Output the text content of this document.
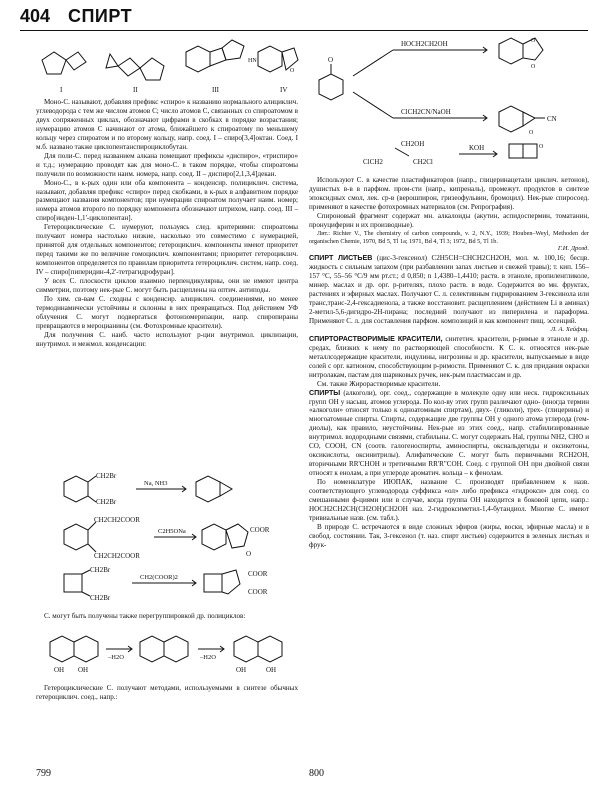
404 СПИРТ
I	II	III
HN
O
IV

Моно-С. называют, добавляя префикс «спиро» к названию нормального алициклич. углеводорода с тем же числом атомов С; число атомов С, связанных со спироатомом в двух сопряженных циклах, обозначают цифрами в скобках в порядке возрастания; нумерацию атомов С начинают от атома, ближайшего к спироатому по меньшему кольцу через спироатом и по второму кольцу, напр. соед. I – спиро[3,4]октан. Соед. I м.б. названо также циклопентанспироциклобутан.

Для поли-С. перед названием алкана помещают префиксы «диспиро», «триспиро» и т.д.; нумерацию проводят как для моно-С. в таком порядке, чтобы спироатомы получили по возможности наим. номера, напр. соед. II – диспиро[2,1,3,4]декан.

Моно-С., в к-рых один или оба компонента – конденсир. полициклич. система, называют, добавляя префикс «спиро» перед скобками, в к-рых в алфавитном порядке размещают названия компонентов; при нумерации спироатом получает наим. номер; номера атомов второго по порядку компонента обозначают штрихом, напр. соед. III – спиро[инден-1,1'-циклопентан].

Гетероциклические С. нумеруют, пользуясь след. критериями: спироатомы получают номера настолько низкие, насколько это совместимо с нумерацией, принятой для отдельных компонентов; гетероциклич. компоненты имеют приоритет перед такими же по величине гомоциклич. компонентами; приоритет гетероциклич. компонентов определяется по правилам приоритета гетероциклич. систем, напр. соед. IV – спиро[пиперидин-4,2'-тетрагидрофуран].

У всех С. плоскости циклов взаимно перпендикулярны, они не имеют центра симметрии, поэтому нек-рые С. могут быть расщеплены на оптич. антиподы.

По хим. св-вам С. сходны с конденсир. алициклич. соединениями, но менее термодинамически устойчивы и склонны в них превращаться. Под действием УФ облучения С. могут подвергаться фотоизомеризации, напр. спиропираны превращаются в мероцианины (см. Фотохромные красители).

Для получения С. наиб. часто используют р-ции внутримол. циклизации, внутримол. и межмол. конденсации:

CH2Br
CH2Br
Na, NH3
CH2CH2COOR
CH2CH2COOR
C2H5ONa	COOR
O
CH2Br
CH2Br
CH2(COOR)2	COOR
COOR

С. могут быть получены также перегруппировкой др. полициклов:

OH OH
–H2O	–H2O
OH	OH

Гетероциклические С. получают методами, используемыми в синтезе обычных гетероциклич. соед., напр.:

799
O
HOCH2CH2OH
ClCH2CN/NaOH
O
O
CN
O
CH2OH
ClCH2	CH2Cl
KOH	O

Используют С. в качестве пластификаторов (напр., глицеринацетали циклич. кетонов), душистых в-в в парфюм. пром-сти (напр., кипреналь), промежут. продуктов в синтезе эпоксидных смол, лек. ср-в (верошпирон, гризеофульвин, бромоцил). Нек-рые спиросоед. применяют в качестве фотохромных материалов (см. Репрография).

Спироновый фрагмент содержат мн. алкалоиды (акутин, аспидоспермин, томатанин, пронуциферин и их производные).

Лит.: Richter V., The chemistry of carbon compounds, v. 2, N.Y., 1939; Houben–Weyl, Methoden der organischen Chemie, 1970, Bd 5, Tl 1a; 1971, Bd 4, Tl 3; 1972, Bd 5, Tl 1b.

Г.И. Дрозд.

СПИРТ ЛИСТЬЕВ (цис-3-гексенол) C2H5CH=CHCH2CH2OH, мол. м. 100,16; бесцв. жидкость с сильным запахом (при разбавлении запах листьев и свежей травы); т. кип. 156–157 °C, 55–56 °C/9 мм рт.ст.; d 0,850; n 1,4380–1,4410; раств. в этаноле, пропиленгликоле, минер. маслах и др. орг. р-рителях, плохо раств. в воде. Содержится во мн. фруктах, растениях и эфирных маслах. Получают С. л. селективным гидрированием 3-гексинола или транс,транс-2,4-гексадиенола, а также восстановит. расщеплением (действием Li в аминах) 2-метил-5,6-дигидро-2Н-пирана; последний получают из пиперилена и параформа. Применяют С. л. для составления парфюм. композиций и как компонент пищ. эссенций.

Л. А. Хейфиц.

СПИРТОРАСТВОРИМЫЕ КРАСИТЕЛИ, синтетич. красители, р-римые в этаноле и др. средах, близких к нему по растворяющей способности. К С. к. относятся нек-рые металлсодержащие красители, индулины, нигрозины и др. красители, выпускаемые в виде солей с орг. катионом, способствующим р-римости. Применяют С. к. для придания окраски нитролакам, пастам для шариковых ручек, нек-рым пластмассам и др.

См. также Жирорастворимые красители.

СПИРТЫ (алкоголи), орг. соед., содержащие в молекуле одну или неск. гидроксильных групп ОН у насыщ. атомов углерода. По кол-ву этих групп различают одно- (иногда термин «алкоголи» относят только к одноатомным спиртам), двух- (гликоли), трех- (глицерины) и многоатомные спирты. Спирты, содержащие две группы ОН у одного атома углерода (гем-диолы), как правило, неустойчивы. Нек-рые из этих соед., напр. стабилизированные внутримол. водородными связями, стабильны. С. могут содержать Hal, группы NH2, CHO и CO, COOH, CN (соотв. галогеноспирты, аминоспирты, оксиальдегиды и оксикетоны, оксикислоты, оксинитрилы). Алифатические С. могут быть первичными RCH2OH, вторичными RR'CHOH и третичными RR'R"COH. Соед. с группой ОН при двойной связи относят к енолам, а при углероде ароматич. кольца – к фенолам.

По номенклатуре ИЮПАК, название С. производят прибавлением к назв. соответствующего углеводорода суффикса «ол» либо префикса «гидрокси» для соед. со смешанными ф-циями или в случае, когда группа ОН находится в боковой цепи, напр.: HOCH2CH2CH(CH2OH)CH2OH наз. 2-гидроксиметил-1,4-бутандиол. Многие С. имеют тривиальные назв. (см. табл.).

В природе С. встречаются в виде сложных эфиров (жиры, воски, эфирные масла) и в свобод. состоянии. Так, 3-гексенол (т. наз. спирт листьев) содержится в зеленых листьях и фрук-

800
